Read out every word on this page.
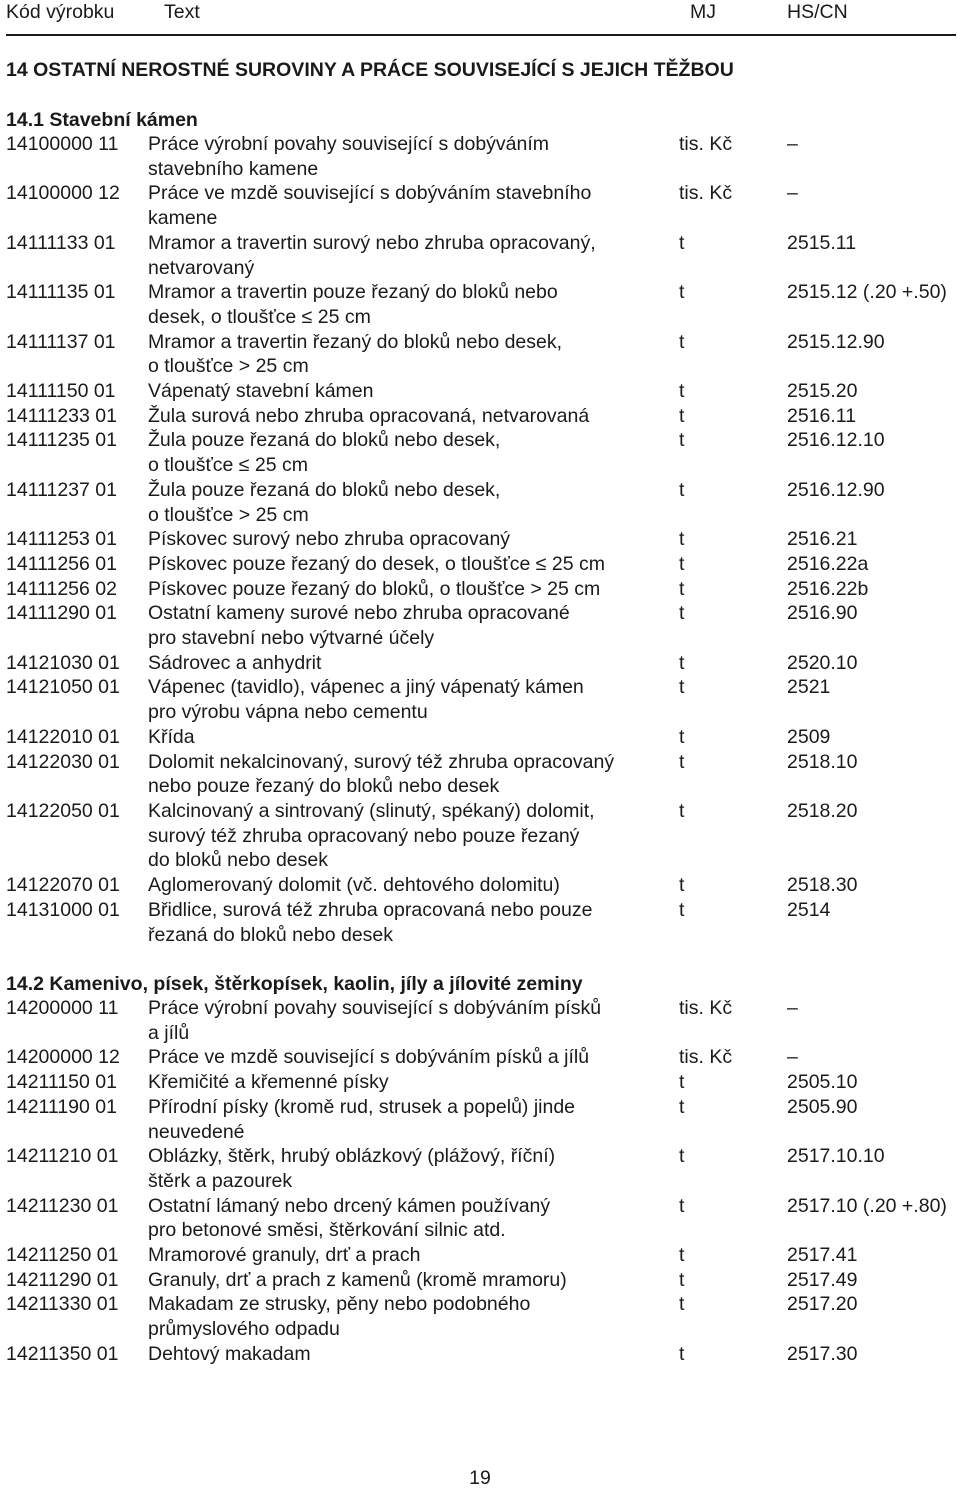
Kód výrobku	Text	MJ	HS/CN
14 OSTATNÍ NEROSTNÉ SUROVINY A PRÁCE SOUVISEJÍCÍ S JEJICH TĚŽBOU
14.1 Stavební kámen
14100000 11 Práce výrobní povahy související s dobýváním
stavebního kamene
tis. Kč	–
14100000 12 Práce ve mzdě související s dobýváním stavebního
kamene
tis. Kč	–
14111133 01 Mramor a travertin surový nebo zhruba opracovaný,
netvarovaný
t	2515.11
14111135 01 Mramor a travertin pouze řezaný do bloků nebo
desek, o tloušťce ≤ 25 cm
t	2515.12 (.20 +.50)
14111137 01 Mramor a travertin řezaný do bloků nebo desek,
o tloušťce > 25 cm
t	2515.12.90
14111150 01 Vápenatý stavební kámen	t	2515.20
14111233 01 Žula surová nebo zhruba opracovaná, netvarovaná	t	2516.11
14111235 01 Žula pouze řezaná do bloků nebo desek,
o tloušťce ≤ 25 cm
t	2516.12.10
14111237 01 Žula pouze řezaná do bloků nebo desek,
o tloušťce > 25 cm
t	2516.12.90
14111253 01 Pískovec surový nebo zhruba opracovaný	t	2516.21
14111256 01 Pískovec pouze řezaný do desek, o tloušťce ≤ 25 cm	t	2516.22a
14111256 02 Pískovec pouze řezaný do bloků, o tloušťce > 25 cm	t	2516.22b
14111290 01 Ostatní kameny surové nebo zhruba opracované
pro stavební nebo výtvarné účely
t	2516.90
14121030 01 Sádrovec a anhydrit	t	2520.10
14121050 01 Vápenec (tavidlo), vápenec a jiný vápenatý kámen
pro výrobu vápna nebo cementu
t	2521
14122010 01 Křída	t	2509
14122030 01 Dolomit nekalcinovaný, surový též zhruba opracovaný
nebo pouze řezaný do bloků nebo desek
t	2518.10
14122050 01 Kalcinovaný a sintrovaný (slinutý, spékaný) dolomit,
surový též zhruba opracovaný nebo pouze řezaný
do bloků nebo desek
t	2518.20
14122070 01 Aglomerovaný dolomit (vč. dehtového dolomitu)	t	2518.30
14131000 01 Břidlice, surová též zhruba opracovaná nebo pouze
řezaná do bloků nebo desek
t	2514
14.2 Kamenivo, písek, štěrkopísek, kaolin, jíly a jílovité zeminy
14200000 11 Práce výrobní povahy související s dobýváním písků
a jílů
tis. Kč	–
14200000 12 Práce ve mzdě související s dobýváním písků a jílů	tis. Kč	–
14211150 01 Křemičité a křemenné písky	t	2505.10
14211190 01 Přírodní písky (kromě rud, strusek a popelů) jinde
neuvedené
t	2505.90
14211210 01 Oblázky, štěrk, hrubý oblázkový (plážový, říční)
štěrk a pazourek
t	2517.10.10
14211230 01 Ostatní lámaný nebo drcený kámen používaný
pro betonové směsi, štěrkování silnic atd.
t	2517.10 (.20 +.80)
14211250 01 Mramorové granuly, drť a prach	t	2517.41
14211290 01 Granuly, drť a prach z kamenů (kromě mramoru)	t	2517.49
14211330 01 Makadam ze strusky, pěny nebo podobného
průmyslového odpadu
t	2517.20
14211350 01 Dehtový makadam	t	2517.30
19
